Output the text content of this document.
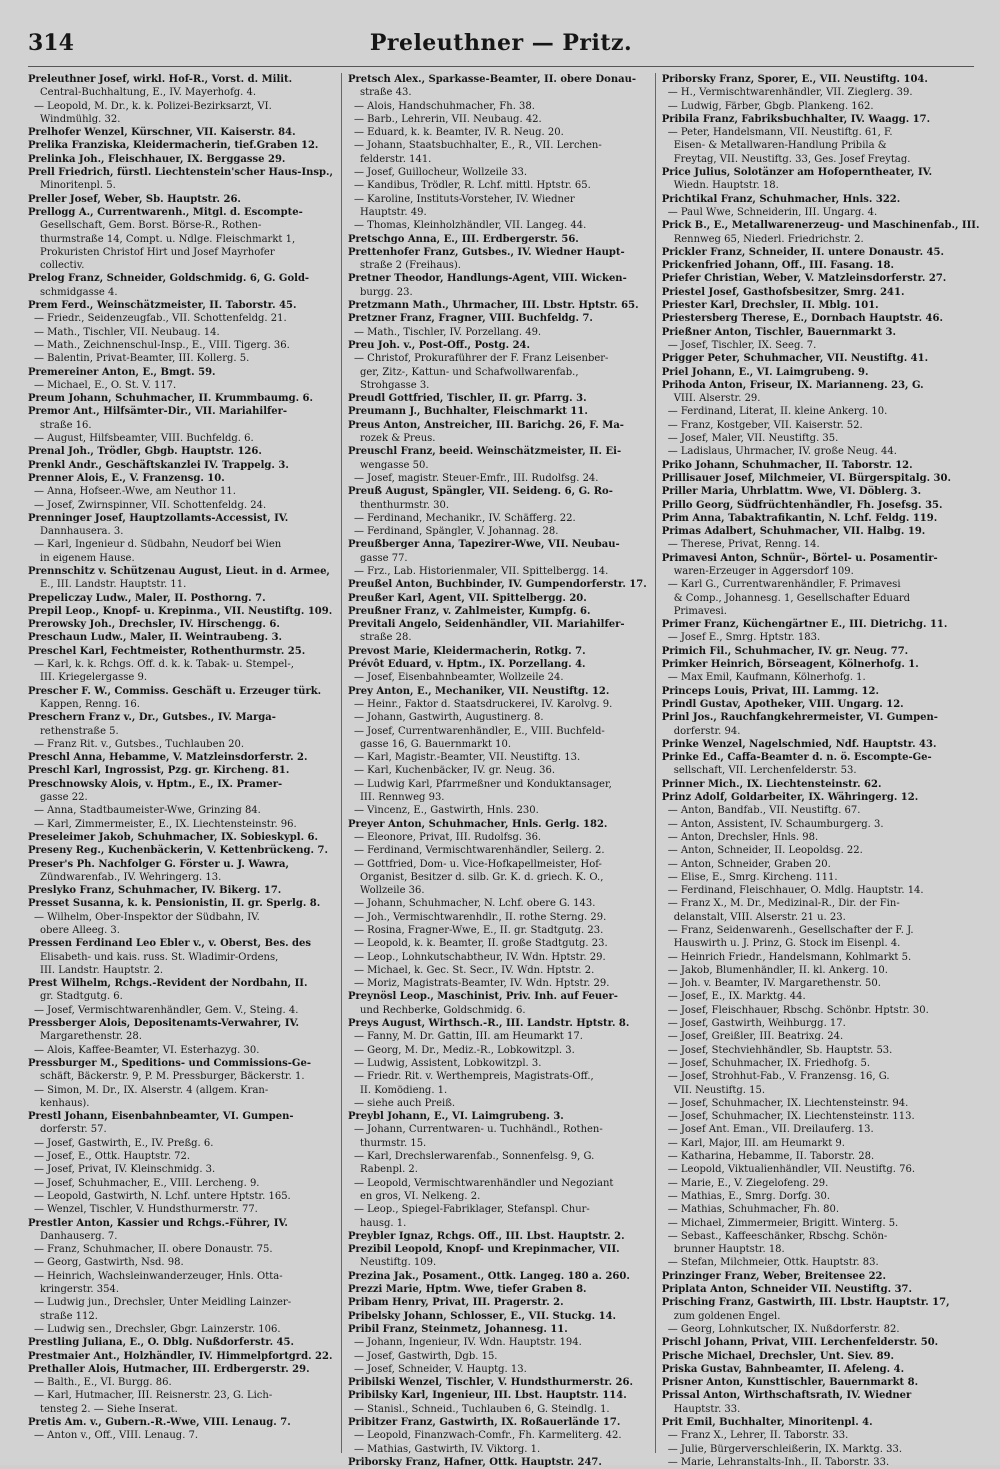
314	Preleuthner — Pritz.
Preleuthner Josef, wirkl. Hof-R., Vorst. d. Milit.
Central-Buchhaltung, E., IV. Mayerhofg. 4.
— Leopold, M. Dr., k. k. Polizei-Bezirksarzt, VI.
Windmühlg. 32.
Prelhofer Wenzel, Kürschner, VII. Kaiserstr. 84.
Prelika Franziska, Kleidermacherin, tief.Graben 12.
Prelinka Joh., Fleischhauer, IX. Berggasse 29.
Prell Friedrich, fürstl. Liechtenstein'scher Haus-Insp.,
Minoritenpl. 5.
Preller Josef, Weber, Sb. Hauptstr. 26.
Prellogg A., Currentwarenh., Mitgl. d. Escompte-
Gesellschaft, Gem. Borst. Börse-R., Rothen-
thurmstraße 14, Compt. u. Ndlge. Fleischmarkt 1,
Prokuristen Christof Hirt und Josef Mayrhofer
collectiv.
Prelog Franz, Schneider, Goldschmidg. 6, G. Gold-
schmidgasse 4.
Prem Ferd., Weinschätzmeister, II. Taborstr. 45.
— Friedr., Seidenzeugfab., VII. Schottenfeldg. 21.
— Math., Tischler, VII. Neubaug. 14.
— Math., Zeichnenschul-Insp., E., VIII. Tigerg. 36.
— Balentin, Privat-Beamter, III. Kollerg. 5.
Premereiner Anton, E., Bmgt. 59.
— Michael, E., O. St. V. 117.
Preum Johann, Schuhmacher, II. Krummbaumg. 6.
Premor Ant., Hilfsämter-Dir., VII. Mariahilfer-
straße 16.
— August, Hilfsbeamter, VIII. Buchfeldg. 6.
Prenal Joh., Trödler, Gbgb. Hauptstr. 126.
Prenkl Andr., Geschäftskanzlei IV. Trappelg. 3.
Prenner Alois, E., V. Franzensg. 10.
— Anna, Hofseer.-Wwe, am Neuthor 11.
— Josef, Zwirnspinner, VII. Schottenfeldg. 24.
Prenninger Josef, Hauptzollamts-Accessist, IV.
Dannhausera. 3.
— Karl, Ingenieur d. Südbahn, Neudorf bei Wien
in eigenem Hause.
Prennschitz v. Schützenau August, Lieut. in d. Armee,
E., III. Landstr. Hauptstr. 11.
Prepeliczay Ludw., Maler, II. Posthorng. 7.
Prepil Leop., Knopf- u. Krepinma., VII. Neustiftg. 109.
Prerowsky Joh., Drechsler, IV. Hirschengg. 6.
Preschaun Ludw., Maler, II. Weintraubeng. 3.
Preschel Karl, Fechtmeister, Rothenthurmstr. 25.
— Karl, k. k. Rchgs. Off. d. k. k. Tabak- u. Stempel-,
III. Kriegelergasse 9.
Prescher F. W., Commiss. Geschäft u. Erzeuger türk.
Kappen, Renng. 16.
Preschern Franz v., Dr., Gutsbes., IV. Marga-
rethenstraße 5.
— Franz Rit. v., Gutsbes., Tuchlauben 20.
Preschl Anna, Hebamme, V. Matzleinsdorferstr. 2.
Preschl Karl, Ingrossist, Pzg. gr. Kircheng. 81.
Preschnowsky Alois, v. Hptm., E., IX. Pramer-
gasse 22.
— Anna, Stadtbaumeister-Wwe, Grinzing 84.
— Karl, Zimmermeister, E., IX. Liechtensteinstr. 96.
Preseleimer Jakob, Schuhmacher, IX. Sobieskypl. 6.
Preseny Reg., Kuchenbäckerin, V. Kettenbrückeng. 7.
Preser's Ph. Nachfolger G. Förster u. J. Wawra,
Zündwarenfab., IV. Wehringerg. 13.
Preslyko Franz, Schuhmacher, IV. Bikerg. 17.
Presset Susanna, k. k. Pensionistin, II. gr. Sperlg. 8.
— Wilhelm, Ober-Inspektor der Südbahn, IV.
obere Alleeg. 3.
Pressen Ferdinand Leo Ebler v., v. Oberst, Bes. des
Elisabeth- und kais. russ. St. Wladimir-Ordens,
III. Landstr. Hauptstr. 2.
Prest Wilhelm, Rchgs.-Revident der Nordbahn, II.
gr. Stadtgutg. 6.
— Josef, Vermischtwarenhändler, Gem. V., Steing. 4.
Pressberger Alois, Depositenamts-Verwahrer, IV.
Margarethenstr. 28.
— Alois, Kaffee-Beamter, VI. Esterhazyg. 30.
Pressburger M., Speditions- und Commissions-Ge-
schäft, Bäckerstr. 9, P. M. Pressburger, Bäckerstr. 1.
— Simon, M. Dr., IX. Alserstr. 4 (allgem. Kran-
kenhaus).
Prestl Johann, Eisenbahnbeamter, VI. Gumpen-
dorferstr. 57.
— Josef, Gastwirth, E., IV. Preßg. 6.
— Josef, E., Ottk. Hauptstr. 72.
— Josef, Privat, IV. Kleinschmidg. 3.
— Josef, Schuhmacher, E., VIII. Lercheng. 9.
— Leopold, Gastwirth, N. Lchf. untere Hptstr. 165.
— Wenzel, Tischler, V. Hundsthurmerstr. 77.
Prestler Anton, Kassier und Rchgs.-Führer, IV.
Danhauserg. 7.
— Franz, Schuhmacher, II. obere Donaustr. 75.
— Georg, Gastwirth, Nsd. 98.
— Heinrich, Wachsleinwanderzeuger, Hnls. Otta-
kringerstr. 354.
— Ludwig jun., Drechsler, Unter Meidling Lainzer-
straße 112.
— Ludwig sen., Drechsler, Gbgr. Lainzerstr. 106.
Prestling Juliana, E., O. Dblg. Nußdorferstr. 45.
Prestmaier Ant., Holzhändler, IV. Himmelpfortgrd. 22.
Prethaller Alois, Hutmacher, III. Erdbergerstr. 29.
— Balth., E., VI. Burgg. 86.
— Karl, Hutmacher, III. Reisnerstr. 23, G. Lich-
tensteg 2. — Siehe Inserat.
Pretis Am. v., Gubern.-R.-Wwe, VIII. Lenaug. 7.
— Anton v., Off., VIII. Lenaug. 7.
Pretsch Alex., Sparkasse-Beamter, II. obere Donau-
straße 43.
— Alois, Handschuhmacher, Fh. 38.
— Barb., Lehrerin, VII. Neubaug. 42.
— Eduard, k. k. Beamter, IV. R. Neug. 20.
— Johann, Staatsbuchhalter, E., R., VII. Lerchen-
felderstr. 141.
— Josef, Guillocheur, Wollzeile 33.
— Kandibus, Trödler, R. Lchf. mittl. Hptstr. 65.
— Karoline, Instituts-Vorsteher, IV. Wiedner
Hauptstr. 49.
— Thomas, Kleinholzhändler, VII. Langeg. 44.
Pretschgo Anna, E., III. Erdbergerstr. 56.
Prettenhofer Franz, Gutsbes., IV. Wiedner Haupt-
straße 2 (Freihaus).
Pretner Theodor, Handlungs-Agent, VIII. Wicken-
burgg. 23.
Pretzmann Math., Uhrmacher, III. Lbstr. Hptstr. 65.
Pretzner Franz, Fragner, VIII. Buchfeldg. 7.
— Math., Tischler, IV. Porzellang. 49.
Preu Joh. v., Post-Off., Postg. 24.
— Christof, Prokuraführer der F. Franz Leisenber-
ger, Zitz-, Kattun- und Schafwollwarenfab.,
Strohgasse 3.
Preudl Gottfried, Tischler, II. gr. Pfarrg. 3.
Preumann J., Buchhalter, Fleischmarkt 11.
Preus Anton, Anstreicher, III. Barichg. 26, F. Ma-
rozek & Preus.
Preuschl Franz, beeid. Weinschätzmeister, II. Ei-
wengasse 50.
— Josef, magistr. Steuer-Emfr., III. Rudolfsg. 24.
Preuß August, Spängler, VII. Seideng. 6, G. Ro-
thenthurmstr. 30.
— Ferdinand, Mechanikr., IV. Schäfferg. 22.
— Ferdinand, Spängler, V. Johannag. 28.
Preußberger Anna, Tapezirer-Wwe, VII. Neubau-
gasse 77.
— Frz., Lab. Historienmaler, VII. Spittelbergg. 14.
Preußel Anton, Buchbinder, IV. Gumpendorferstr. 17.
Preußer Karl, Agent, VII. Spittelbergg. 20.
Preußner Franz, v. Zahlmeister, Kumpfg. 6.
Previtali Angelo, Seidenhändler, VII. Mariahilfer-
straße 28.
Prevost Marie, Kleidermacherin, Rotkg. 7.
Prévôt Eduard, v. Hptm., IX. Porzellang. 4.
— Josef, Eisenbahnbeamter, Wollzeile 24.
Prey Anton, E., Mechaniker, VII. Neustiftg. 12.
— Heinr., Faktor d. Staatsdruckerei, IV. Karolvg. 9.
— Johann, Gastwirth, Augustinerg. 8.
— Josef, Currentwarenhändler, E., VIII. Buchfeld-
gasse 16, G. Bauernmarkt 10.
— Karl, Magistr.-Beamter, VII. Neustiftg. 13.
— Karl, Kuchenbäcker, IV. gr. Neug. 36.
— Ludwig Karl, Pfarrmeßner und Konduktansager,
III. Rennweg 93.
— Vincenz, E., Gastwirth, Hnls. 230.
Preyer Anton, Schuhmacher, Hnls. Gerlg. 182.
— Eleonore, Privat, III. Rudolfsg. 36.
— Ferdinand, Vermischtwarenhändler, Seilerg. 2.
— Gottfried, Dom- u. Vice-Hofkapellmeister, Hof-
Organist, Besitzer d. silb. Gr. K. d. griech. K. O.,
Wollzeile 36.
— Johann, Schuhmacher, N. Lchf. obere G. 143.
— Joh., Vermischtwarenhdlr., II. rothe Sterng. 29.
— Rosina, Fragner-Wwe, E., II. gr. Stadtgutg. 23.
— Leopold, k. k. Beamter, II. große Stadtgutg. 23.
— Leop., Lohnkutschabtheur, IV. Wdn. Hptstr. 29.
— Michael, k. Gec. St. Secr., IV. Wdn. Hptstr. 2.
— Moriz, Magistrats-Beamter, IV. Wdn. Hptstr. 29.
Preynösl Leop., Maschinist, Priv. Inh. auf Feuer-
und Rechberke, Goldschmidg. 6.
Preys August, Wirthsch.-R., III. Landstr. Hptstr. 8.
— Fanny, M. Dr. Gattin, III. am Heumarkt 17.
— Georg, M. Dr., Mediz.-R., Lobkowitzpl. 3.
— Ludwig, Assistent, Lobkowitzpl. 3.
— Friedr. Rit. v. Werthempreis, Magistrats-Off.,
II. Komödieng. 1.
— siehe auch Preiß.
Preybl Johann, E., VI. Laimgrubeng. 3.
— Johann, Currentwaren- u. Tuchhändl., Rothen-
thurmstr. 15.
— Karl, Drechslerwarenfab., Sonnenfelsg. 9, G.
Rabenpl. 2.
— Leopold, Vermischtwarenhändler und Negoziant
en gros, VI. Nelkeng. 2.
— Leop., Spiegel-Fabriklager, Stefanspl. Chur-
hausg. 1.
Preybler Ignaz, Rchgs. Off., III. Lbst. Hauptstr. 2.
Prezibil Leopold, Knopf- und Krepinmacher, VII.
Neustiftg. 109.
Prezina Jak., Posament., Ottk. Langeg. 180 a. 260.
Prezzi Marie, Hptm. Wwe, tiefer Graben 8.
Pribam Henry, Privat, III. Pragerstr. 2.
Pribelsky Johann, Schlosser, E., VII. Stuckg. 14.
Pribil Franz, Steinmetz, Johannesg. 11.
— Johann, Ingenieur, IV. Wdn. Hauptstr. 194.
— Josef, Gastwirth, Dgb. 15.
— Josef, Schneider, V. Hauptg. 13.
Pribilski Wenzel, Tischler, V. Hundsthurmerstr. 26.
Pribilsky Karl, Ingenieur, III. Lbst. Hauptstr. 114.
— Stanisl., Schneid., Tuchlauben 6, G. Steindlg. 1.
Pribitzer Franz, Gastwirth, IX. Roßauerlände 17.
— Leopold, Finanzwach-Comfr., Fh. Karmeliterg. 42.
— Mathias, Gastwirth, IV. Viktorg. 1.
Priborsky Franz, Hafner, Ottk. Hauptstr. 247.
Priborsky Franz, Sporer, E., VII. Neustiftg. 104.
— H., Vermischtwarenhändler, VII. Zieglerg. 39.
— Ludwig, Färber, Gbgb. Plankeng. 162.
Pribila Franz, Fabriksbuchhalter, IV. Waagg. 17.
— Peter, Handelsmann, VII. Neustiftg. 61, F.
Eisen- & Metallwaren-Handlung Pribila &
Freytag, VII. Neustiftg. 33, Ges. Josef Freytag.
Price Julius, Solotänzer am Hofoperntheater, IV.
Wiedn. Hauptstr. 18.
Prichtikal Franz, Schuhmacher, Hnls. 322.
— Paul Wwe, Schneiderin, III. Ungarg. 4.
Prick B., E., Metallwarenerzeug- und Maschinenfab., III.
Rennweg 65, Niederl. Friedrichstr. 2.
Prickler Franz, Schneider, II. untere Donaustr. 45.
Prickenfried Johann, Off., III. Fasang. 18.
Priefer Christian, Weber, V. Matzleinsdorferstr. 27.
Priestel Josef, Gasthofsbesitzer, Smrg. 241.
Priester Karl, Drechsler, II. Mblg. 101.
Priestersberg Therese, E., Dornbach Hauptstr. 46.
Prießner Anton, Tischler, Bauernmarkt 3.
— Josef, Tischler, IX. Seeg. 7.
Prigger Peter, Schuhmacher, VII. Neustiftg. 41.
Priel Johann, E., VI. Laimgrubeng. 9.
Prihoda Anton, Friseur, IX. Marianneng. 23, G.
VIII. Alserstr. 29.
— Ferdinand, Literat, II. kleine Ankerg. 10.
— Franz, Kostgeber, VII. Kaiserstr. 52.
— Josef, Maler, VII. Neustiftg. 35.
— Ladislaus, Uhrmacher, IV. große Neug. 44.
Priko Johann, Schuhmacher, II. Taborstr. 12.
Prillisauer Josef, Milchmeier, VI. Bürgerspitalg. 30.
Priller Maria, Uhrblattm. Wwe, VI. Döblerg. 3.
Prillo Georg, Südfrüchtenhändler, Fh. Josefsg. 35.
Prim Anna, Tabaktrafikantin, N. Lchf. Feldg. 119.
Primas Adalbert, Schuhmacher, VII. Halbg. 19.
— Therese, Privat, Renng. 14.
Primavesi Anton, Schnür-, Börtel- u. Posamentir-
waren-Erzeuger in Aggersdorf 109.
— Karl G., Currentwarenhändler, F. Primavesi
& Comp., Johannesg. 1, Gesellschafter Eduard
Primavesi.
Primer Franz, Küchengärtner E., III. Dietrichg. 11.
— Josef E., Smrg. Hptstr. 183.
Primich Fil., Schuhmacher, IV. gr. Neug. 77.
Primker Heinrich, Börseagent, Kölnerhofg. 1.
— Max Emil, Kaufmann, Kölnerhofg. 1.
Princeps Louis, Privat, III. Lammg. 12.
Prindl Gustav, Apotheker, VIII. Ungarg. 12.
Prinl Jos., Rauchfangkehrermeister, VI. Gumpen-
dorferstr. 94.
Prinke Wenzel, Nagelschmied, Ndf. Hauptstr. 43.
Prinke Ed., Caffa-Beamter d. n. ö. Escompte-Ge-
sellschaft, VII. Lerchenfelderstr. 53.
Prinner Mich., IX. Liechtensteinstr. 62.
Prinz Adolf, Goldarbeiter, IX. Währingerg. 12.
— Anton, Bandfab., VII. Neustiftg. 67.
— Anton, Assistent, IV. Schaumburgerg. 3.
— Anton, Drechsler, Hnls. 98.
— Anton, Schneider, II. Leopoldsg. 22.
— Anton, Schneider, Graben 20.
— Elise, E., Smrg. Kircheng. 111.
— Ferdinand, Fleischhauer, O. Mdlg. Hauptstr. 14.
— Franz X., M. Dr., Medizinal-R., Dir. der Fin-
delanstalt, VIII. Alserstr. 21 u. 23.
— Franz, Seidenwarenh., Gesellschafter der F. J.
Hauswirth u. J. Prinz, G. Stock im Eisenpl. 4.
— Heinrich Friedr., Handelsmann, Kohlmarkt 5.
— Jakob, Blumenhändler, II. kl. Ankerg. 10.
— Joh. v. Beamter, IV. Margarethenstr. 50.
— Josef, E., IX. Marktg. 44.
— Josef, Fleischhauer, Rbschg. Schönbr. Hptstr. 30.
— Josef, Gastwirth, Weihburgg. 17.
— Josef, Greißler, III. Beatrixg. 24.
— Josef, Stechviehhändler, Sb. Hauptstr. 53.
— Josef, Schuhmacher, IX. Friedhofg. 5.
— Josef, Strohhut-Fab., V. Franzensg. 16, G.
VII. Neustiftg. 15.
— Josef, Schuhmacher, IX. Liechtensteinstr. 94.
— Josef, Schuhmacher, IX. Liechtensteinstr. 113.
— Josef Ant. Eman., VII. Dreilauferg. 13.
— Karl, Major, III. am Heumarkt 9.
— Katharina, Hebamme, II. Taborstr. 28.
— Leopold, Viktualienhändler, VII. Neustiftg. 76.
— Marie, E., V. Ziegelofeng. 29.
— Mathias, E., Smrg. Dorfg. 30.
— Mathias, Schuhmacher, Fh. 80.
— Michael, Zimmermeier, Brigitt. Winterg. 5.
— Sebast., Kaffeeschänker, Rbschg. Schön-
brunner Hauptstr. 18.
— Stefan, Milchmeier, Ottk. Hauptstr. 83.
Prinzinger Franz, Weber, Breitensee 22.
Priplata Anton, Schneider VII. Neustiftg. 37.
Prisching Franz, Gastwirth, III. Lbstr. Hauptstr. 17,
zum goldenen Engel.
— Georg, Lohnkutscher, IX. Nußdorferstr. 82.
Prischl Johann, Privat, VIII. Lerchenfelderstr. 50.
Prische Michael, Drechsler, Unt. Siev. 89.
Priska Gustav, Bahnbeamter, II. Afeleng. 4.
Prisner Anton, Kunsttischler, Bauernmarkt 8.
Prissal Anton, Wirthschaftsrath, IV. Wiedner
Hauptstr. 33.
Prit Emil, Buchhalter, Minoritenpl. 4.
— Franz X., Lehrer, II. Taborstr. 33.
— Julie, Bürgerverschleißerin, IX. Marktg. 33.
— Marie, Lehranstalts-Inh., II. Taborstr. 33.
